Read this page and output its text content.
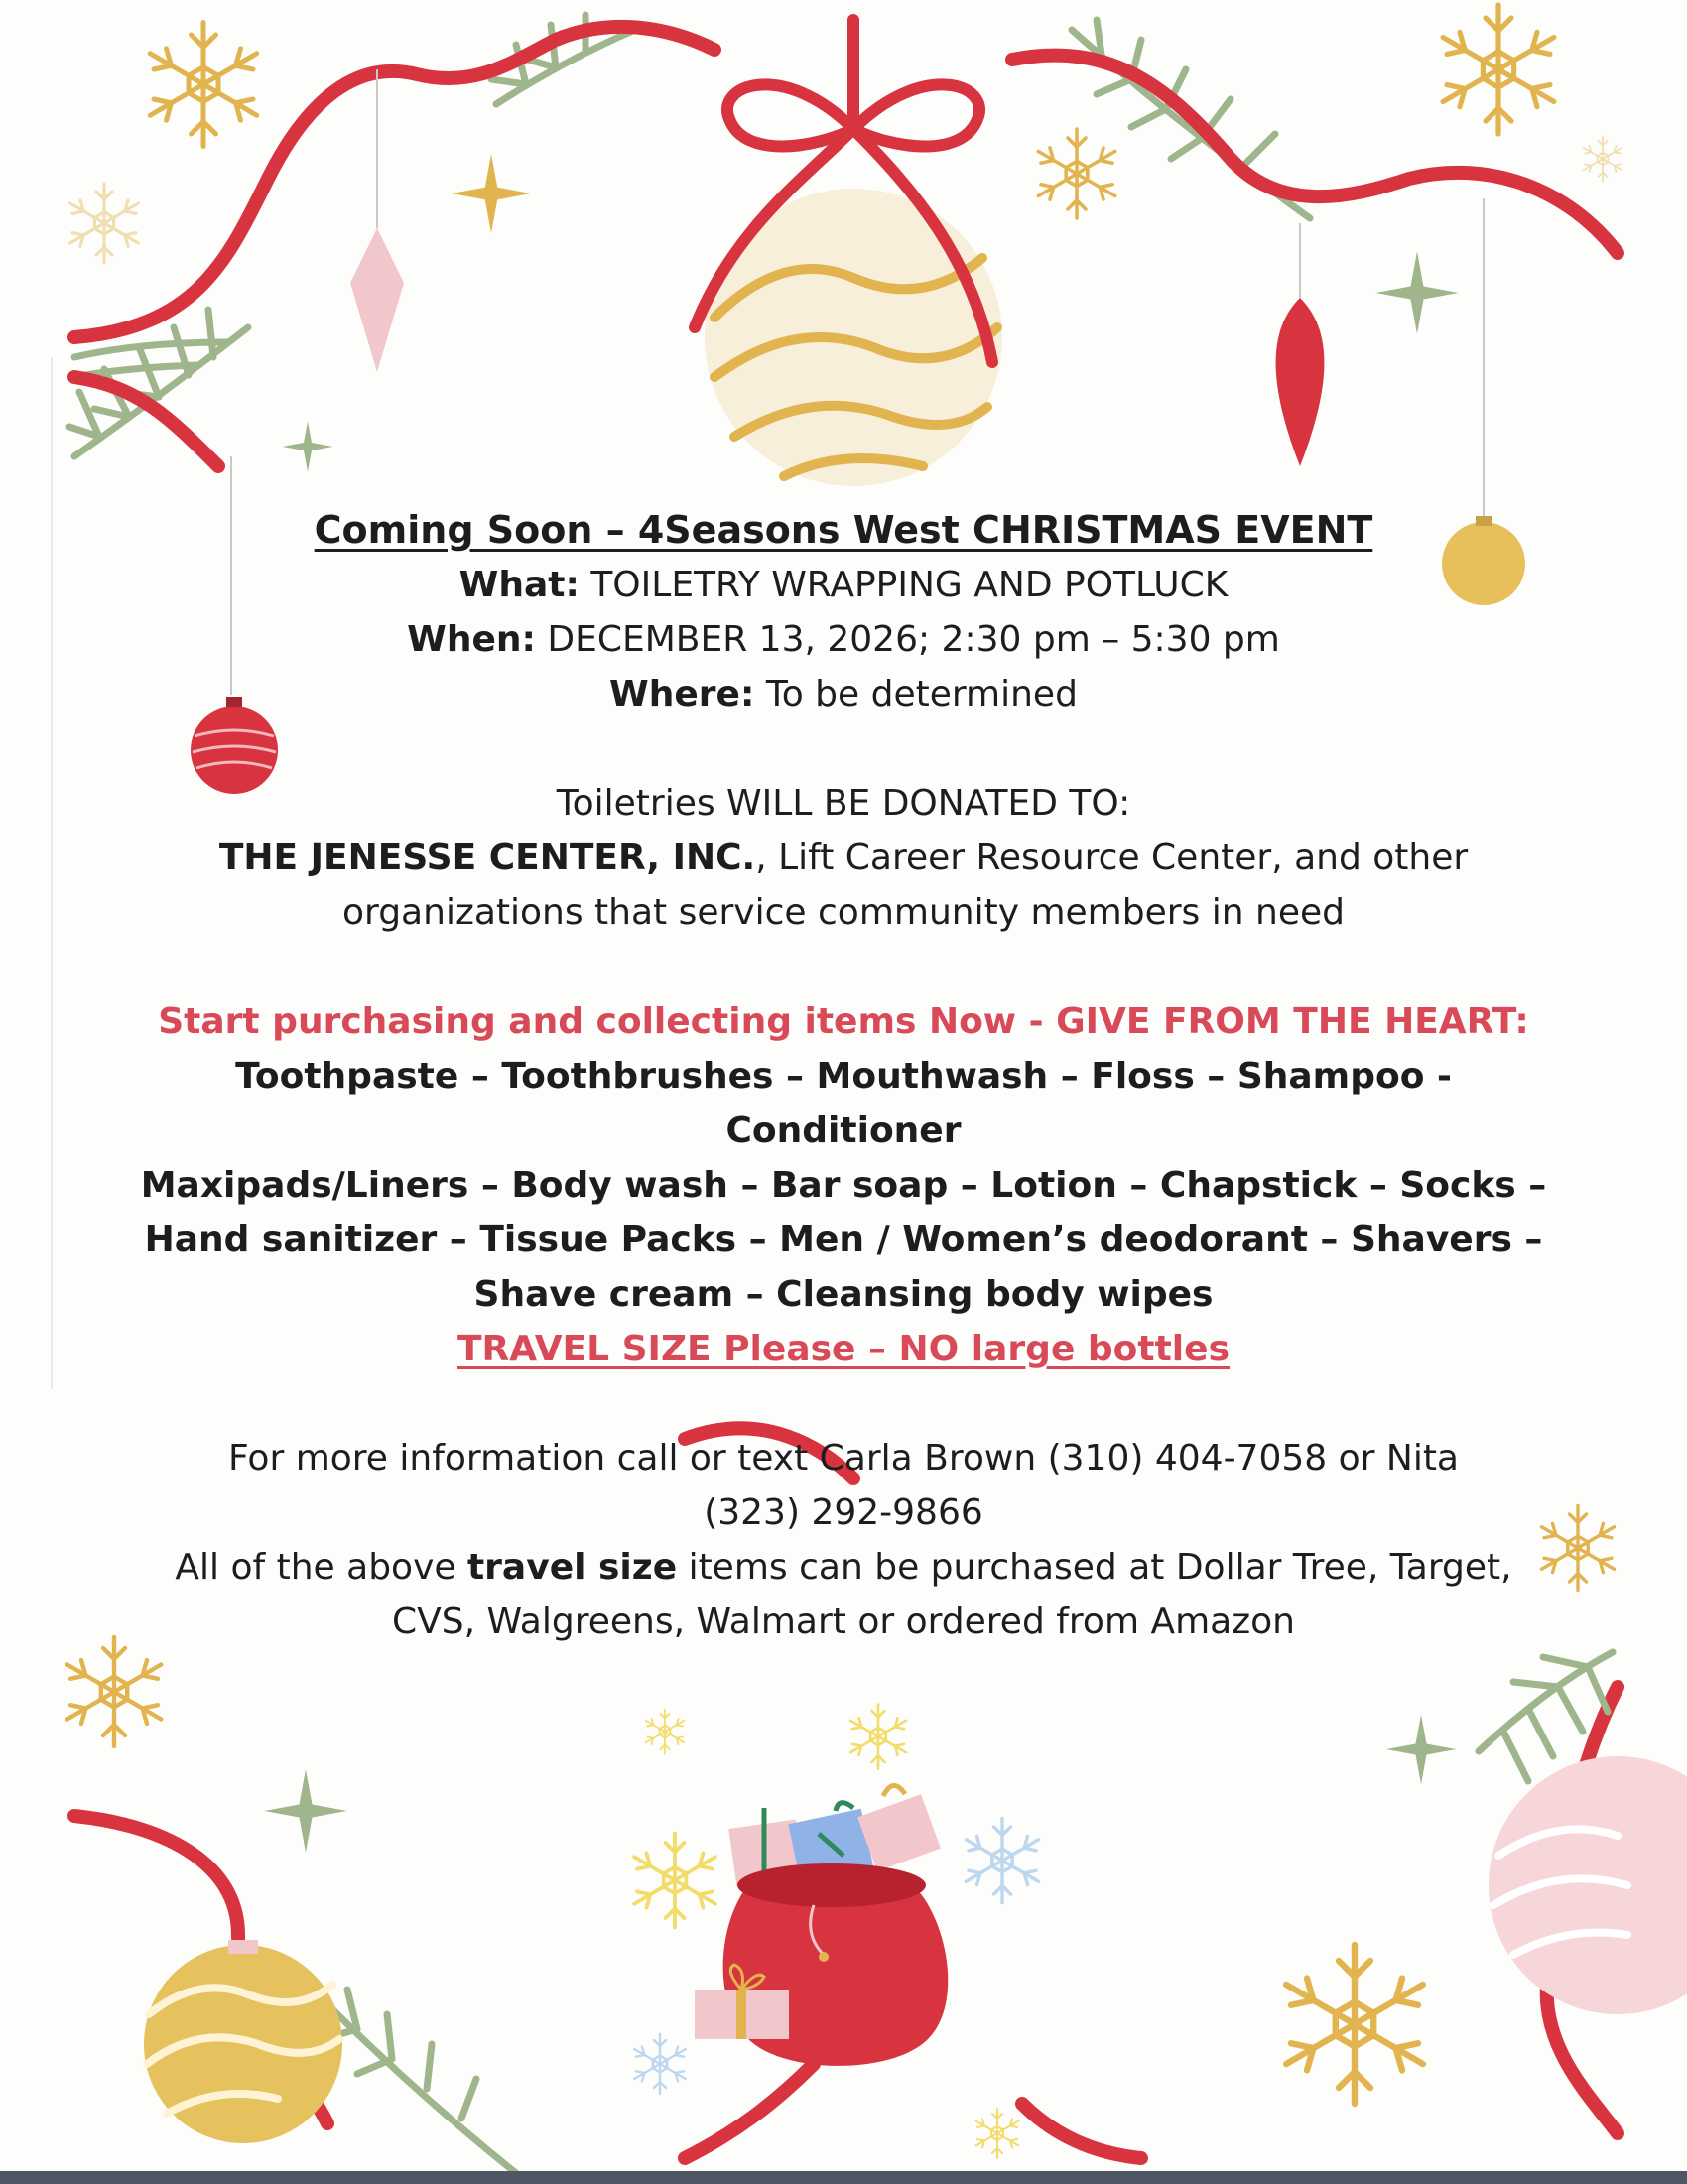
Coming Soon – 4Seasons West CHRISTMAS EVENT

What: TOILETRY WRAPPING AND POTLUCK

When: DECEMBER 13, 2026; 2:30 pm – 5:30 pm

Where: To be determined

Toiletries WILL BE DONATED TO:

THE JENESSE CENTER, INC., Lift Career Resource Center, and other

organizations that service community members in need

Start purchasing and collecting items Now - GIVE FROM THE HEART:

Toothpaste – Toothbrushes – Mouthwash – Floss – Shampoo -

Conditioner

Maxipads/Liners – Body wash – Bar soap – Lotion – Chapstick – Socks –

Hand sanitizer – Tissue Packs – Men / Women’s deodorant – Shavers –

Shave cream – Cleansing body wipes

TRAVEL SIZE Please – NO large bottles

For more information call or text Carla Brown (310) 404-7058 or Nita

(323) 292-9866

All of the above travel size items can be purchased at Dollar Tree, Target,

CVS, Walgreens, Walmart or ordered from Amazon
